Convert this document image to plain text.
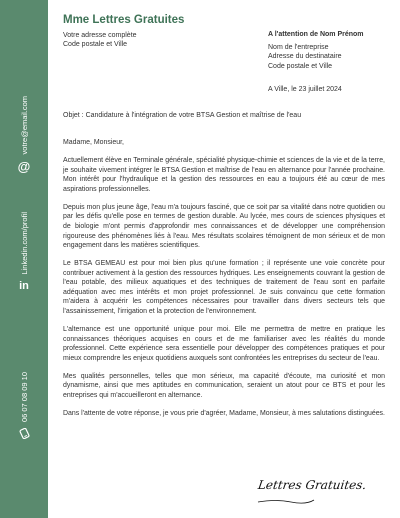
votre@email.com
@
Linkedin.com/profil
in
06 07 08 09 10
Mme Lettres Gratuites
Votre adresse complète
Code postale et Ville
A l'attention de Nom Prénom
Nom de l'entreprise
Adresse du destinataire
Code postale et Ville
A Ville, le 23 juillet 2024
Objet : Candidature à l'intégration de votre BTSA Gestion et maîtrise de l'eau

Madame, Monsieur,

Actuellement élève en Terminale générale, spécialité physique-chimie et sciences de la vie et de la terre, je souhaite vivement intégrer le BTSA Gestion et maîtrise de l'eau en alternance pour l'année prochaine. Mon intérêt pour l'hydraulique et la gestion des ressources en eau a toujours été au cœur de mes aspirations professionnelles.

Depuis mon plus jeune âge, l'eau m'a toujours fasciné, que ce soit par sa vitalité dans notre quotidien ou par les défis qu'elle pose en termes de gestion durable. Au lycée, mes cours de sciences physiques et de biologie m'ont permis d'approfondir mes connaissances et de développer une compréhension rigoureuse des phénomènes liés à l'eau. Mes résultats scolaires témoignent de mon sérieux et de mon engagement dans les matières scientifiques.

Le BTSA GEMEAU est pour moi bien plus qu'une formation ; il représente une voie concrète pour contribuer activement à la gestion des ressources hydriques. Les enseignements couvrant la gestion de l'eau potable, des milieux aquatiques et des techniques de traitement de l'eau sont en parfaite adéquation avec mes intérêts et mon projet professionnel. Je suis convaincu que cette formation m'aidera à acquérir les compétences nécessaires pour travailler dans divers secteurs tels que l'assainissement, l'irrigation et la protection de l'environnement.

L'alternance est une opportunité unique pour moi. Elle me permettra de mettre en pratique les connaissances théoriques acquises en cours et de me familiariser avec les réalités du monde professionnel. Cette expérience sera essentielle pour développer des compétences pratiques et pour mieux comprendre les enjeux quotidiens auxquels sont confrontées les entreprises du secteur de l'eau.

Mes qualités personnelles, telles que mon sérieux, ma capacité d'écoute, ma curiosité et mon dynamisme, ainsi que mes aptitudes en communication, seraient un atout pour ce BTS et pour les entreprises qui m'accueilleront en alternance.

Dans l'attente de votre réponse, je vous prie d'agréer, Madame, Monsieur, à mes salutations distinguées.

Lettres Gratuites.
